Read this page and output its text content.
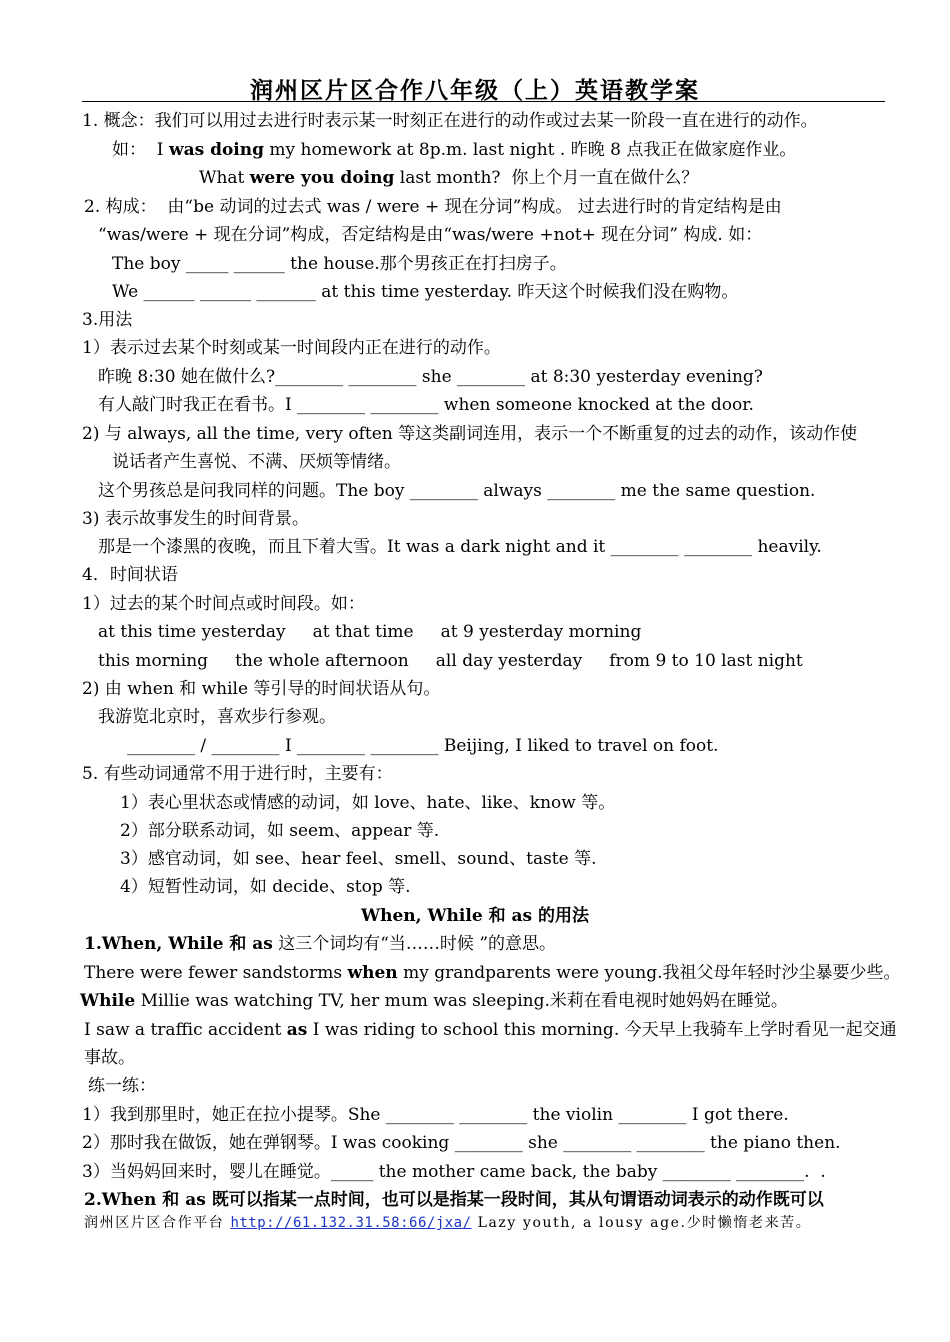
润州区片区合作八年级（上）英语教学案
1. 概念：我们可以用过去进行时表示某一时刻正在进行的动作或过去某一阶段一直在进行的动作。
如：  I was doing my homework at 8p.m. last night . 昨晚 8 点我正在做家庭作业。
What were you doing last month?  你上个月一直在做什么？
2. 构成：  由“be 动词的过去式 was / were + 现在分词”构成。 过去进行时的肯定结构是由
“was/were + 现在分词”构成，否定结构是由“was/were +not+ 现在分词” 构成. 如：
The boy _____ ______ the house.那个男孩正在打扫房子。
We ______ ______ _______ at this time yesterday. 昨天这个时候我们没在购物。
3.用法
1）表示过去某个时刻或某一时间段内正在进行的动作。
昨晚 8:30 她在做什么?________ ________ she ________ at 8:30 yesterday evening?
有人敲门时我正在看书。I ________ ________ when someone knocked at the door.
2) 与 always, all the time, very often 等这类副词连用，表示一个不断重复的过去的动作，该动作使
说话者产生喜悦、不满、厌烦等情绪。
这个男孩总是问我同样的问题。The boy ________ always ________ me the same question.
3) 表示故事发生的时间背景。
那是一个漆黑的夜晚，而且下着大雪。It was a dark night and it ________ ________ heavily.
4．时间状语
1）过去的某个时间点或时间段。如：
at this time yesterday     at that time     at 9 yesterday morning
this morning     the whole afternoon     all day yesterday     from 9 to 10 last night
2) 由 when 和 while 等引导的时间状语从句。
我游览北京时，喜欢步行参观。
________ / ________ I ________ ________ Beijing, I liked to travel on foot.
5. 有些动词通常不用于进行时，主要有：
1）表心里状态或情感的动词，如 love、hate、like、know 等。
2）部分联系动词，如 seem、appear 等.
3）感官动词，如 see、hear feel、smell、sound、taste 等.
4）短暂性动词，如 decide、stop 等.
When, While 和 as 的用法
1.When, While 和 as 这三个词均有“当……时候 ”的意思。
There were fewer sandstorms when my grandparents were young.我祖父母年轻时沙尘暴要少些。
While Millie was watching TV, her mum was sleeping.米莉在看电视时她妈妈在睡觉。
I saw a traffic accident as I was riding to school this morning. 今天早上我骑车上学时看见一起交通
事故。
练一练：
1）我到那里时，她正在拉小提琴。She ________ ________ the violin ________ I got there.
2）那时我在做饭，她在弹钢琴。I was cooking ________ she ________ ________ the piano then.
3）当妈妈回来时，婴儿在睡觉。_____ the mother came back, the baby ________ ________.  .
2.When 和 as 既可以指某一点时间，也可以是指某一段时间，其从句谓语动词表示的动作既可以
润州区片区合作平台 http://61.132.31.58:66/jxa/ Lazy youth, a lousy age.少时懒惰老来苦。
